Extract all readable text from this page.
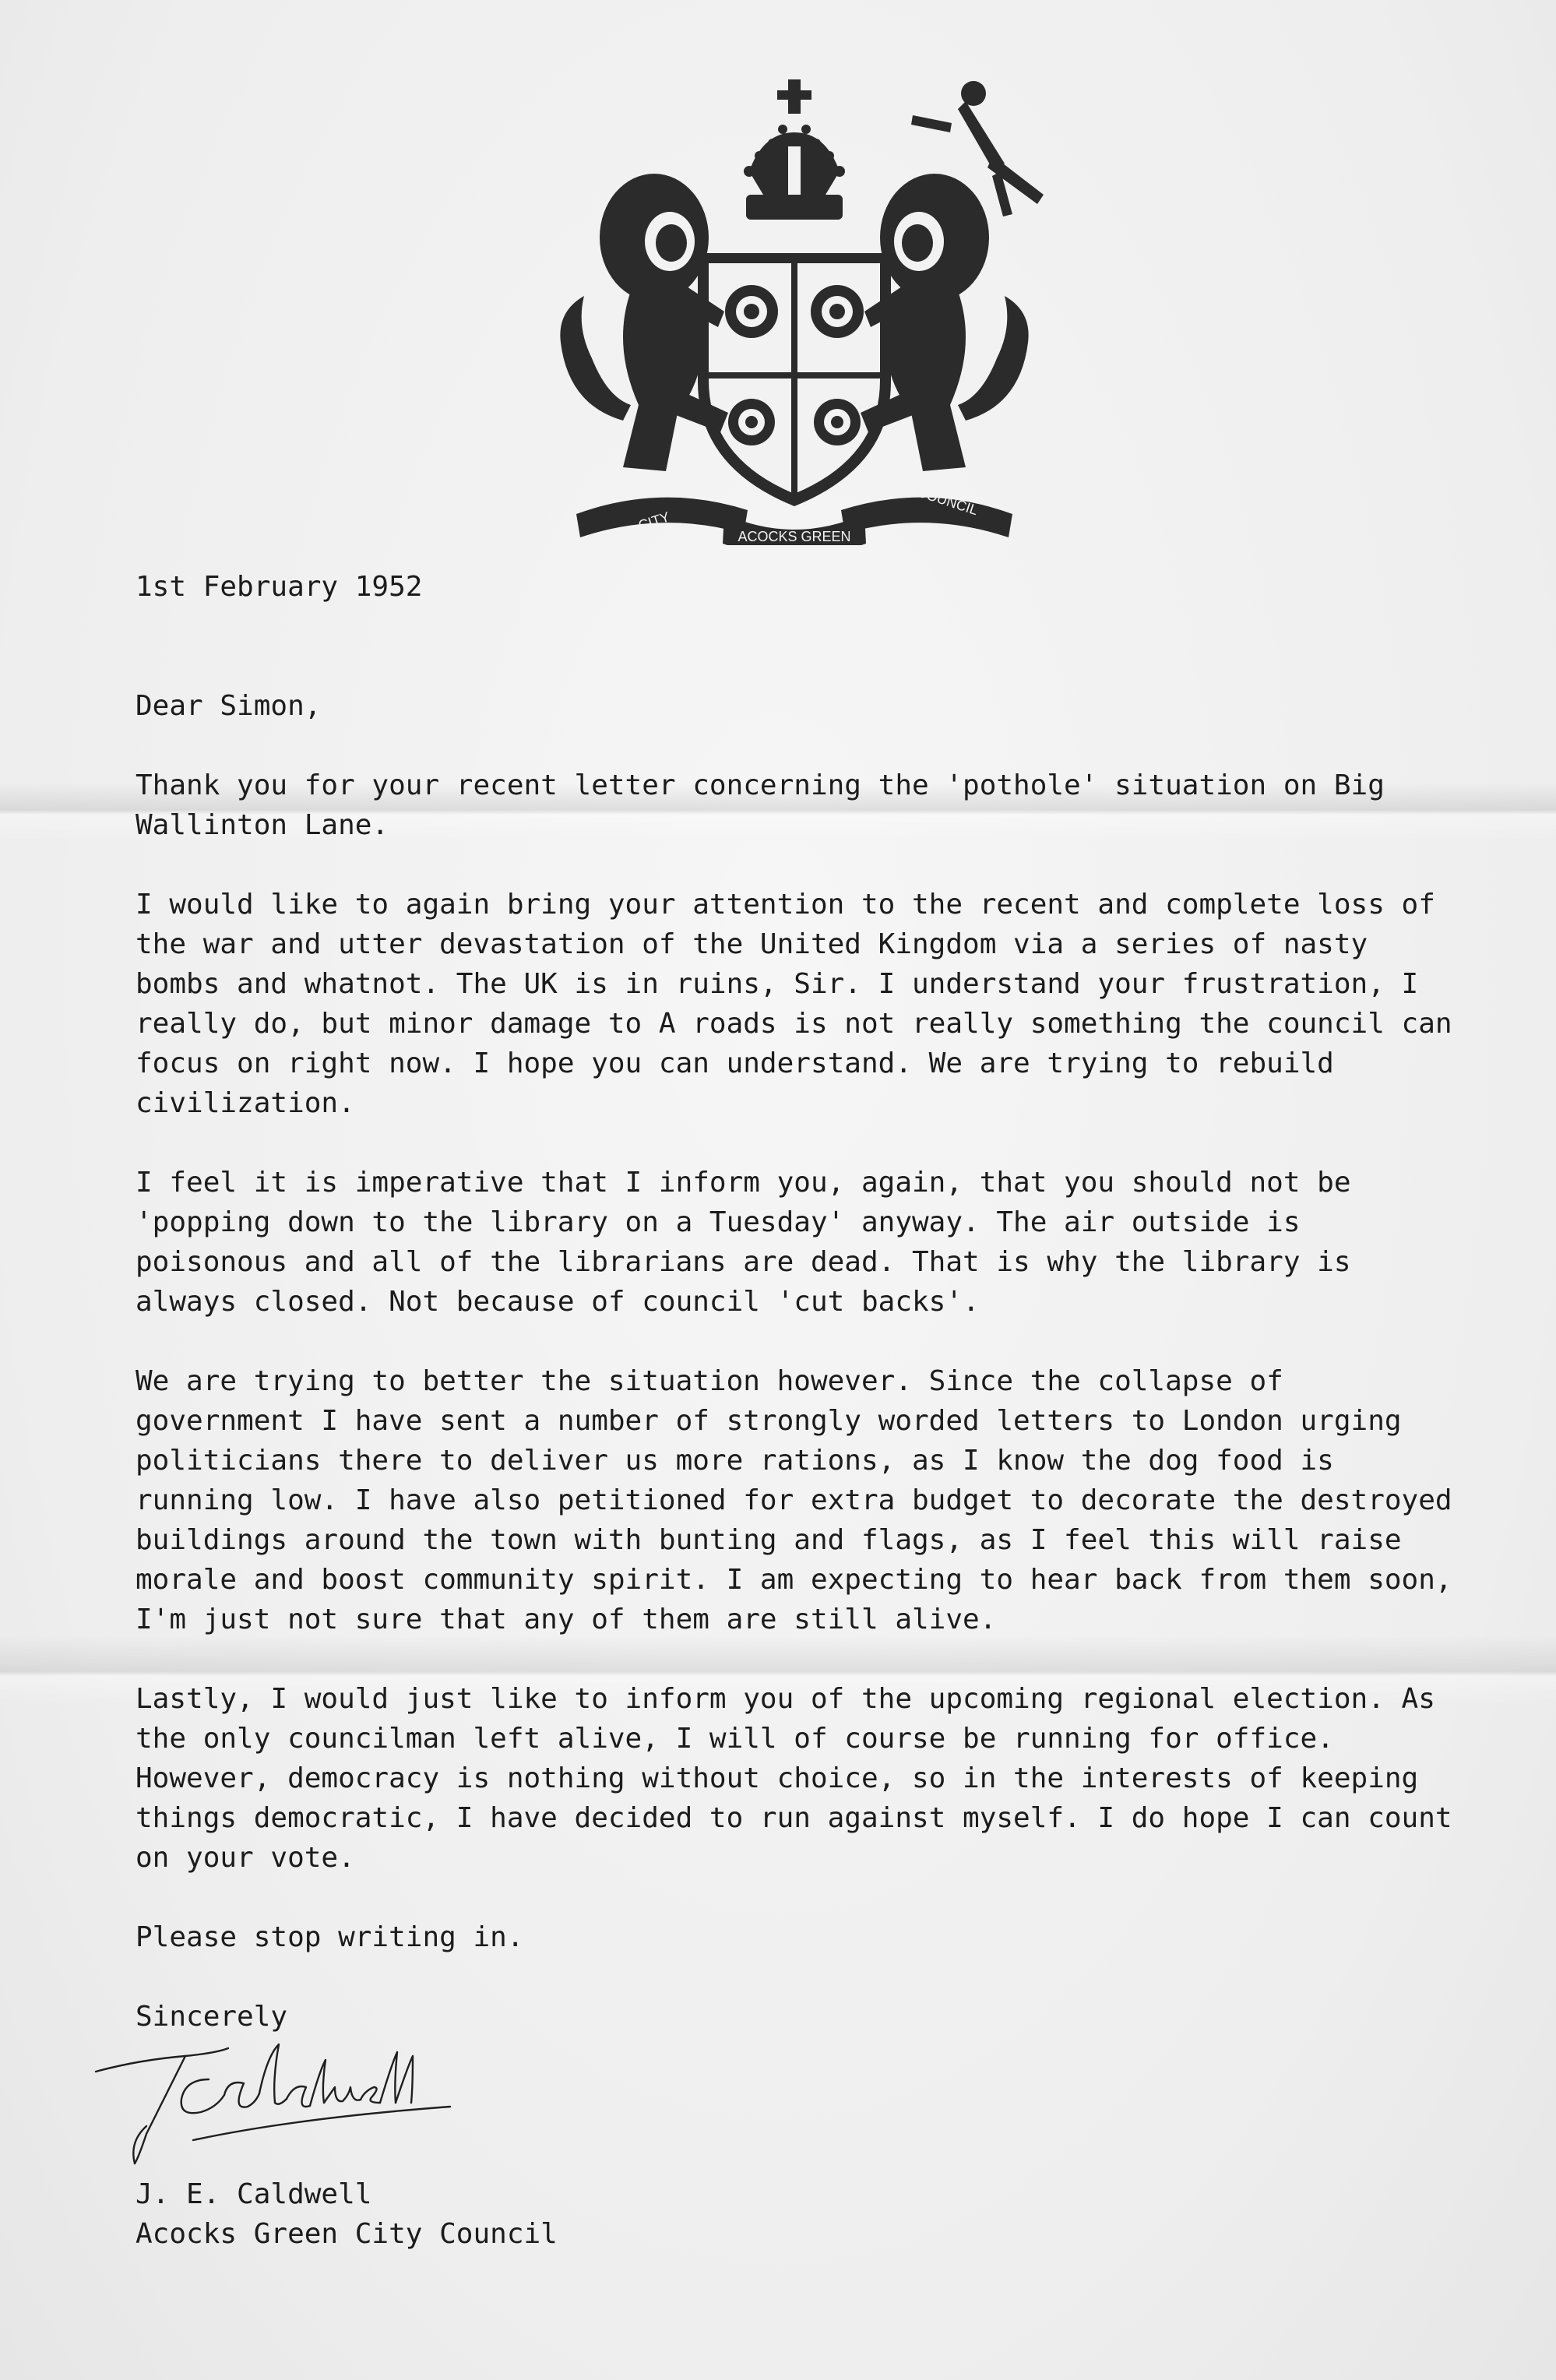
CITY
ACOCKS GREEN
COUNCIL

1st February 1952

Dear Simon,

Thank you for your recent letter concerning the 'pothole' situation on Big Wallinton Lane.

I would like to again bring your attention to the recent and complete loss of the war and utter devastation of the United Kingdom via a series of nasty bombs and whatnot. The UK is in ruins, Sir. I understand your frustration, I really do, but minor damage to A roads is not really something the council can focus on right now. I hope you can understand. We are trying to rebuild civilization.

I feel it is imperative that I inform you, again, that you should not be 'popping down to the library on a Tuesday' anyway. The air outside is poisonous and all of the librarians are dead. That is why the library is always closed. Not because of council 'cut backs'.

We are trying to better the situation however. Since the collapse of government I have sent a number of strongly worded letters to London urging politicians there to deliver us more rations, as I know the dog food is running low. I have also petitioned for extra budget to decorate the destroyed buildings around the town with bunting and flags, as I feel this will raise morale and boost community spirit. I am expecting to hear back from them soon, I'm just not sure that any of them are still alive.

Lastly, I would just like to inform you of the upcoming regional election. As the only councilman left alive, I will of course be running for office. However, democracy is nothing without choice, so in the interests of keeping things democratic, I have decided to run against myself. I do hope I can count on your vote.

Please stop writing in.

Sincerely

J. E. Caldwell

Acocks Green City Council
